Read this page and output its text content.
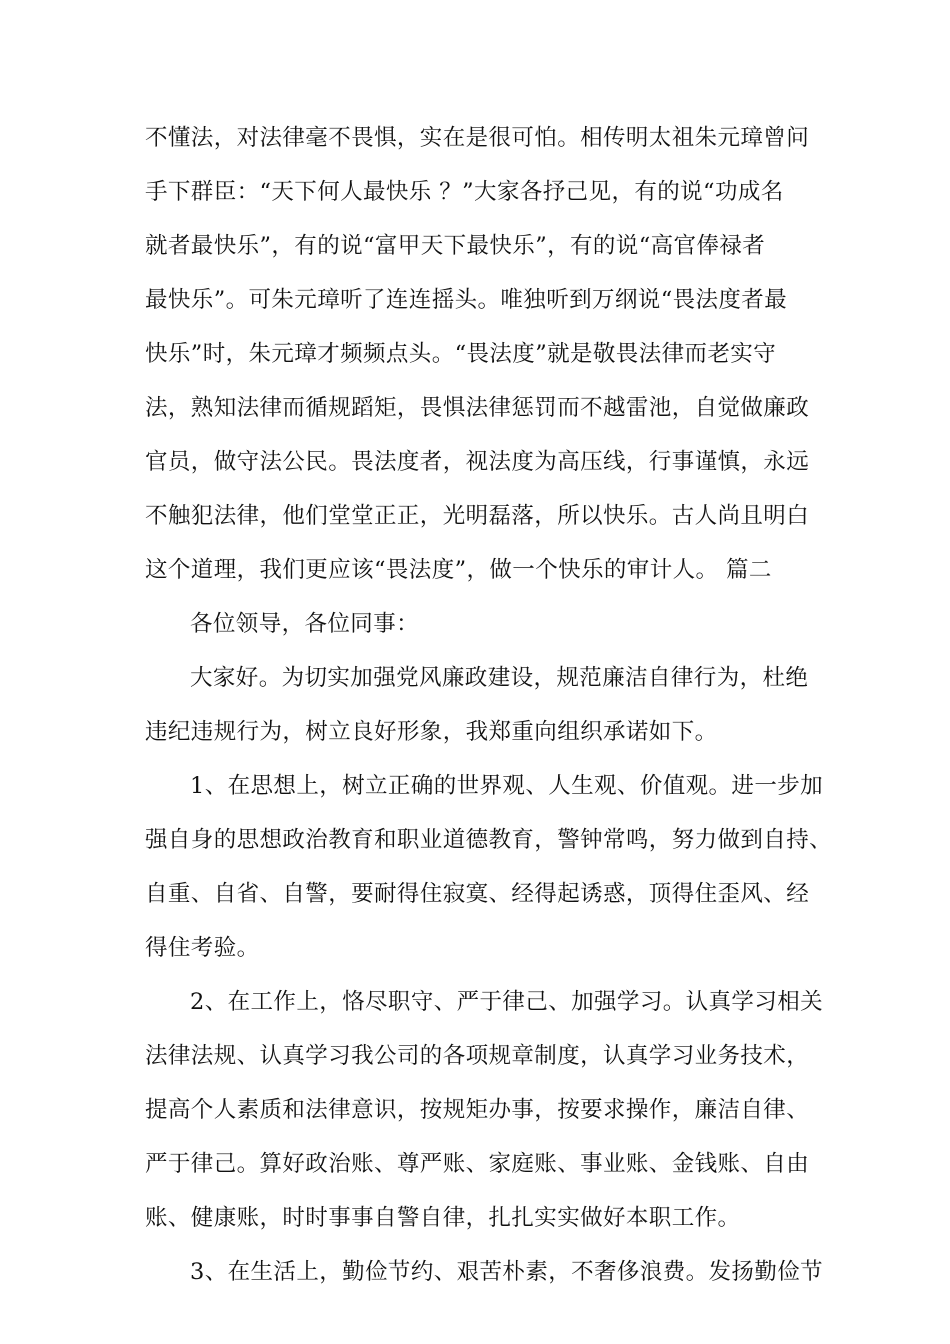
不懂法，对法律毫不畏惧，实在是很可怕。相传明太祖朱元璋曾问
手下群臣：“天下何人最快乐 ？”大家各抒己见，有的说“功成名
就者最快乐”，有的说“富甲天下最快乐”，有的说“高官俸禄者
最快乐”。可朱元璋听了连连摇头。唯独听到万纲说“畏法度者最
快乐”时，朱元璋才频频点头。“畏法度”就是敬畏法律而老实守
法，熟知法律而循规蹈矩，畏惧法律惩罚而不越雷池，自觉做廉政
官员，做守法公民。畏法度者，视法度为高压线，行事谨慎，永远
不触犯法律，他们堂堂正正，光明磊落，所以快乐。古人尚且明白
这个道理，我们更应该“畏法度”，做一个快乐的审计人。 篇二
各位领导，各位同事：
大家好。为切实加强党风廉政建设，规范廉洁自律行为，杜绝
违纪违规行为，树立良好形象，我郑重向组织承诺如下。
1、在思想上，树立正确的世界观、人生观、价值观。进一步加
强自身的思想政治教育和职业道德教育，警钟常鸣，努力做到自持、
自重、自省、自警，要耐得住寂寞、经得起诱惑，顶得住歪风、经
得住考验。
2、在工作上，恪尽职守、严于律己、加强学习。认真学习相关
法律法规、认真学习我公司的各项规章制度，认真学习业务技术，
提高个人素质和法律意识，按规矩办事，按要求操作，廉洁自律、
严于律己。算好政治账、尊严账、家庭账、事业账、金钱账、自由
账、健康账，时时事事自警自律，扎扎实实做好本职工作。
3、在生活上，勤俭节约、艰苦朴素，不奢侈浪费。发扬勤俭节
